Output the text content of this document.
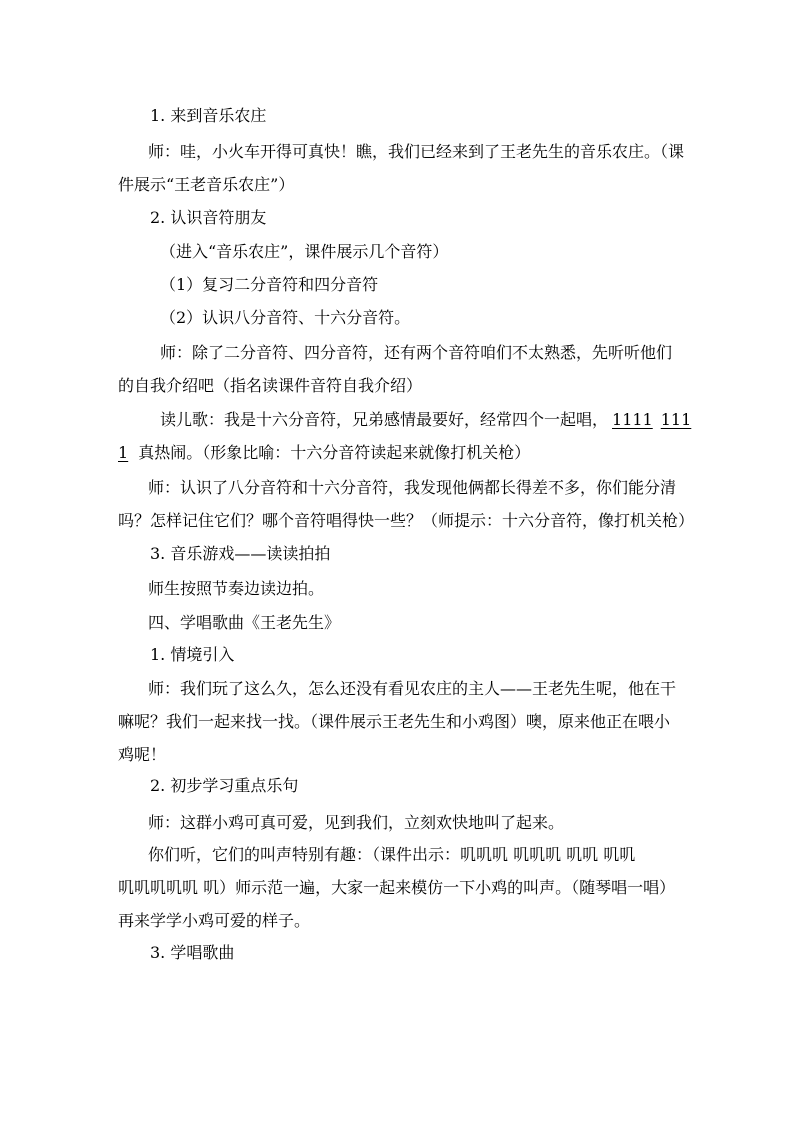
1. 来到音乐农庄
师：哇，小火车开得可真快！瞧，我们已经来到了王老先生的音乐农庄。（课
件展示“王老音乐农庄”）
2. 认识音符朋友
（进入“音乐农庄”，课件展示几个音符）
（1）复习二分音符和四分音符
（2）认识八分音符、十六分音符。
师：除了二分音符、四分音符，还有两个音符咱们不太熟悉，先听听他们
的自我介绍吧（指名读课件音符自我介绍）
读儿歌：我是十六分音符，兄弟感情最要好，经常四个一起唱， 1111 111
1 真热闹。（形象比喻：十六分音符读起来就像打机关枪）
师：认识了八分音符和十六分音符，我发现他俩都长得差不多，你们能分清
吗？怎样记住它们？哪个音符唱得快一些？（师提示：十六分音符，像打机关枪）
3. 音乐游戏——读读拍拍
师生按照节奏边读边拍。
四、学唱歌曲《王老先生》
1. 情境引入
师：我们玩了这么久，怎么还没有看见农庄的主人——王老先生呢，他在干
嘛呢？我们一起来找一找。（课件展示王老先生和小鸡图）噢，原来他正在喂小
鸡呢！
2. 初步学习重点乐句
师：这群小鸡可真可爱，见到我们，立刻欢快地叫了起来。
你们听，它们的叫声特别有趣：（课件出示：叽叽叽 叽叽叽 叽叽 叽叽
叽叽叽叽叽 叽）师示范一遍，大家一起来模仿一下小鸡的叫声。（随琴唱一唱）
再来学学小鸡可爱的样子。
3. 学唱歌曲
